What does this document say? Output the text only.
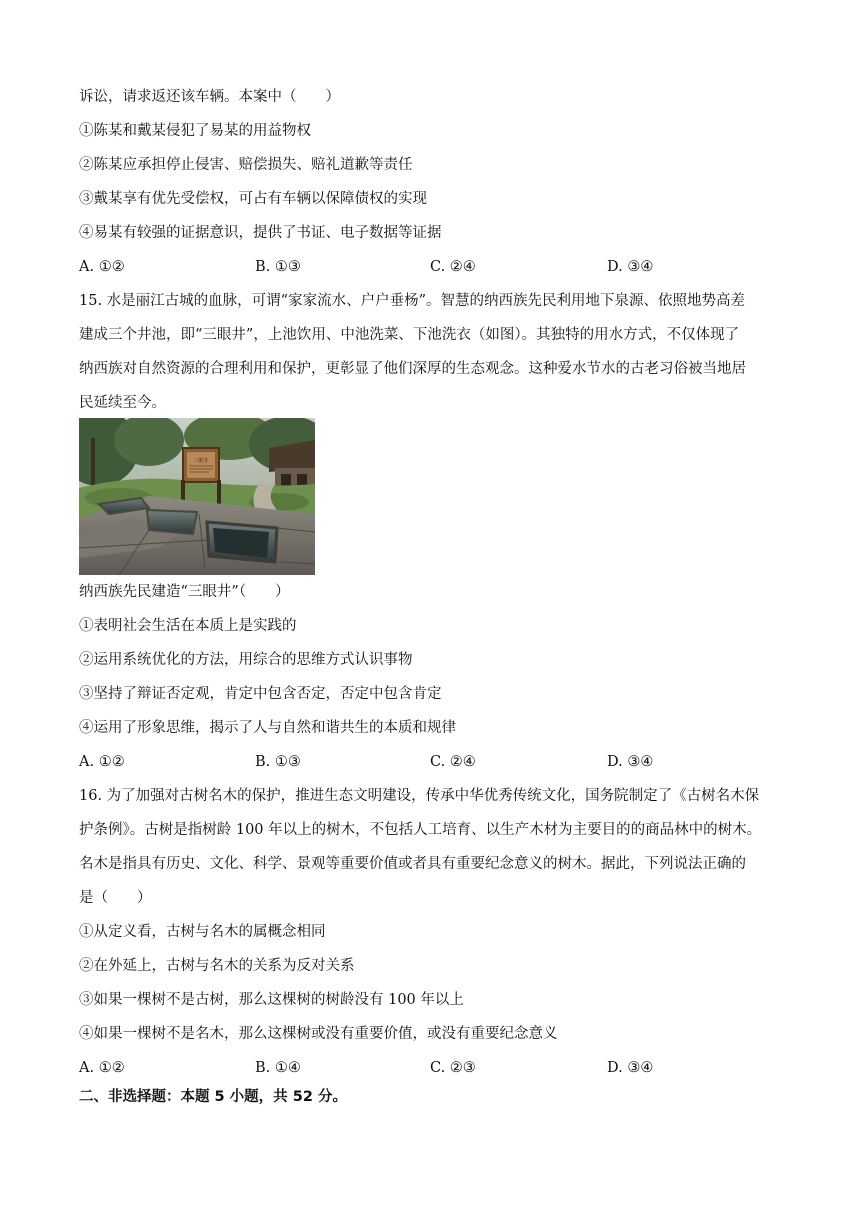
诉讼，请求返还该车辆。本案中（　　）
①陈某和戴某侵犯了易某的用益物权
②陈某应承担停止侵害、赔偿损失、赔礼道歉等责任
③戴某享有优先受偿权，可占有车辆以保障债权的实现
④易某有较强的证据意识，提供了书证、电子数据等证据
A. ①②	B. ①③	C. ②④	D. ③④
15. 水是丽江古城的血脉，可谓“家家流水、户户垂杨”。智慧的纳西族先民利用地下泉源、依照地势高差
建成三个井池，即“三眼井”，上池饮用、中池洗菜、下池洗衣（如图）。其独特的用水方式，不仅体现了
纳西族对自然资源的合理利用和保护，更彰显了他们深厚的生态观念。这种爱水节水的古老习俗被当地居
民延续至今。
三眼井
纳西族先民建造“三眼井”（　　）
①表明社会生活在本质上是实践的
②运用系统优化的方法，用综合的思维方式认识事物
③坚持了辩证否定观，肯定中包含否定，否定中包含肯定
④运用了形象思维，揭示了人与自然和谐共生的本质和规律
A. ①②	B. ①③	C. ②④	D. ③④
16. 为了加强对古树名木的保护，推进生态文明建设，传承中华优秀传统文化，国务院制定了《古树名木保
护条例》。古树是指树龄 100 年以上的树木，不包括人工培育、以生产木材为主要目的的商品林中的树木。
名木是指具有历史、文化、科学、景观等重要价值或者具有重要纪念意义的树木。据此，下列说法正确的
是（　　）
①从定义看，古树与名木的属概念相同
②在外延上，古树与名木的关系为反对关系
③如果一棵树不是古树，那么这棵树的树龄没有 100 年以上
④如果一棵树不是名木，那么这棵树或没有重要价值，或没有重要纪念意义
A. ①②	B. ①④	C. ②③	D. ③④
二、非选择题：本题 5 小题，共 52 分。
